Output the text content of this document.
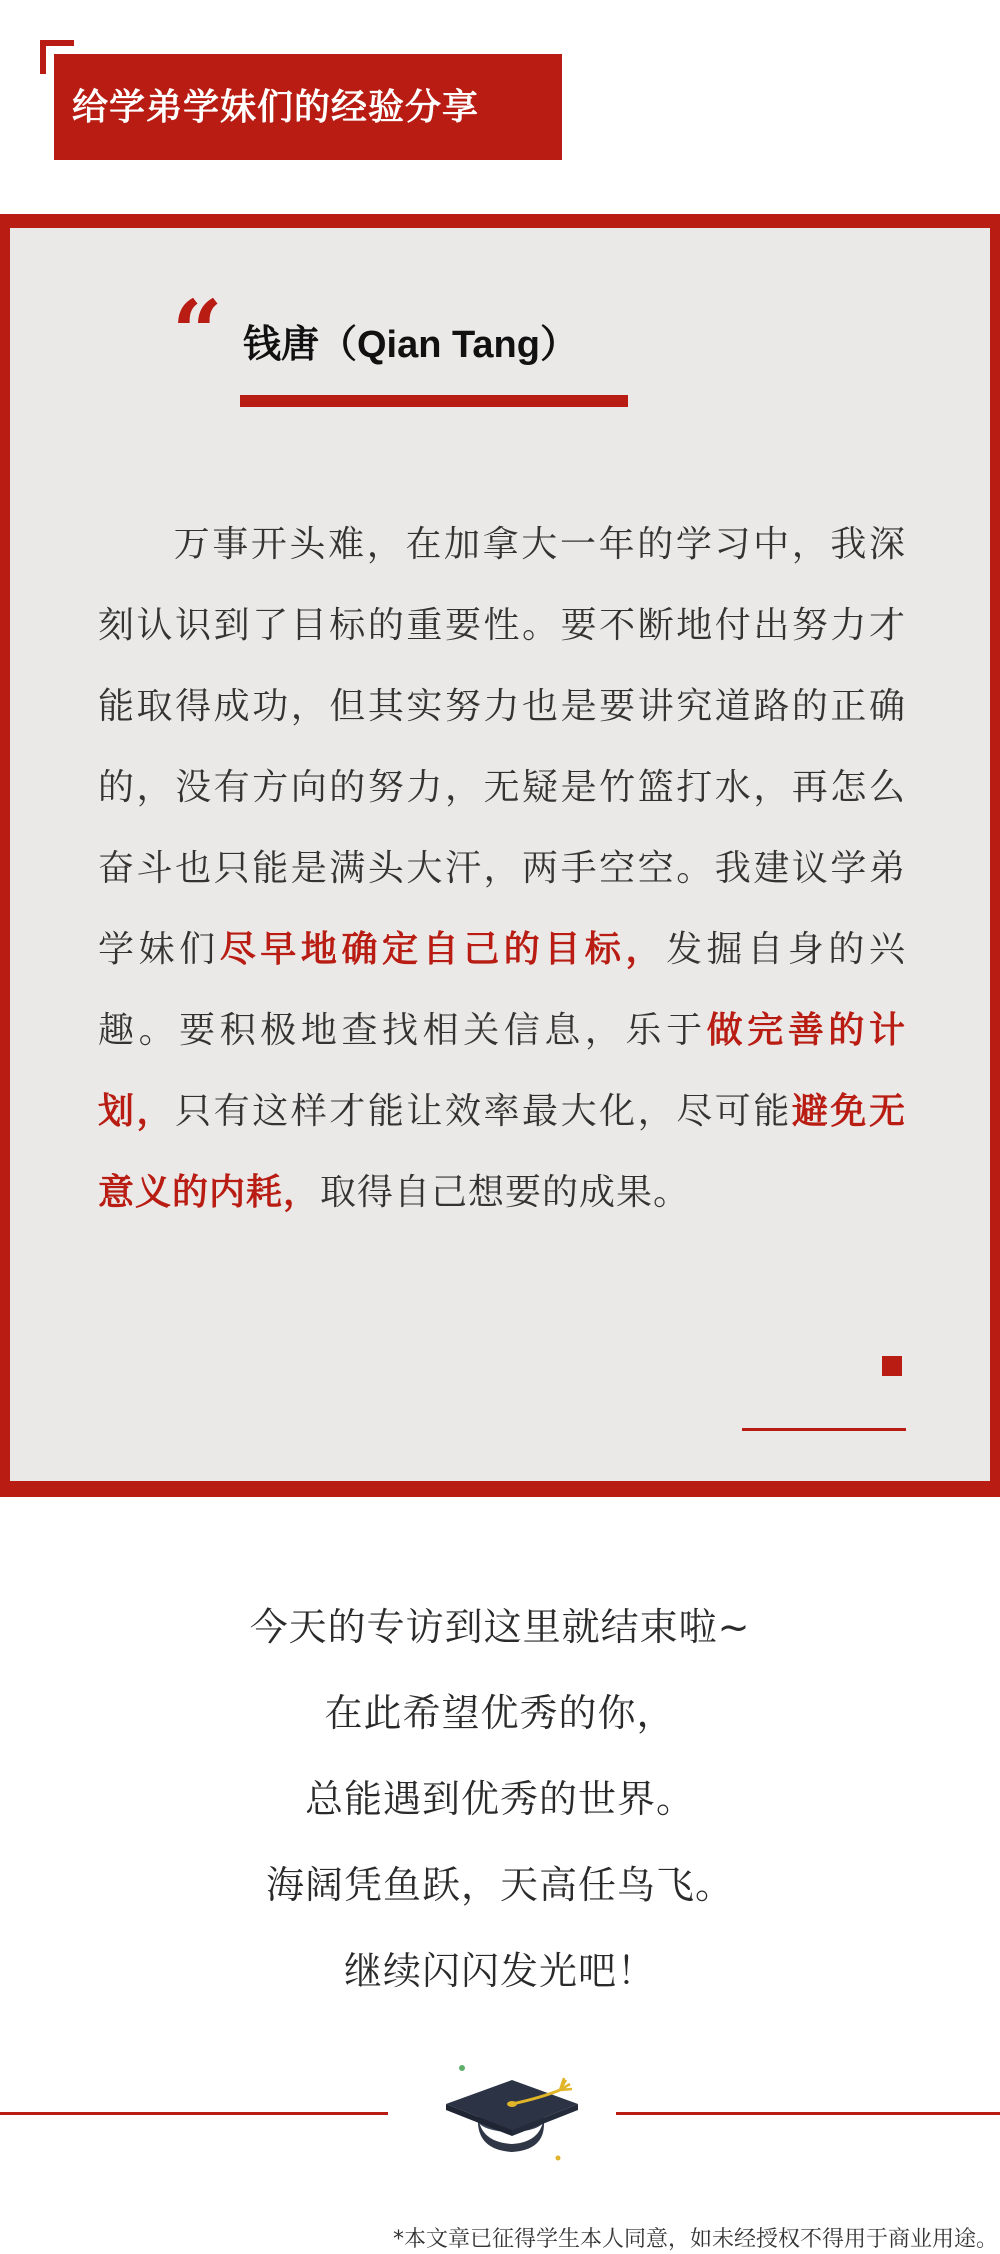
给学弟学妹们的经验分享
“ 钱唐（Qian Tang）
万事开头难，在加拿大一年的学习中，我深刻认识到了目标的重要性。要不断地付出努力才能取得成功，但其实努力也是要讲究道路的正确的，没有方向的努力，无疑是竹篮打水，再怎么奋斗也只能是满头大汗，两手空空。我建议学弟学妹们尽早地确定自己的目标，发掘自身的兴趣。要积极地查找相关信息，乐于做完善的计划，只有这样才能让效率最大化，尽可能避免无意义的内耗，取得自己想要的成果。
今天的专访到这里就结束啦~
在此希望优秀的你，
总能遇到优秀的世界。
海阔凭鱼跃，天高任鸟飞。
继续闪闪发光吧！
*本文章已征得学生本人同意，如未经授权不得用于商业用途。
